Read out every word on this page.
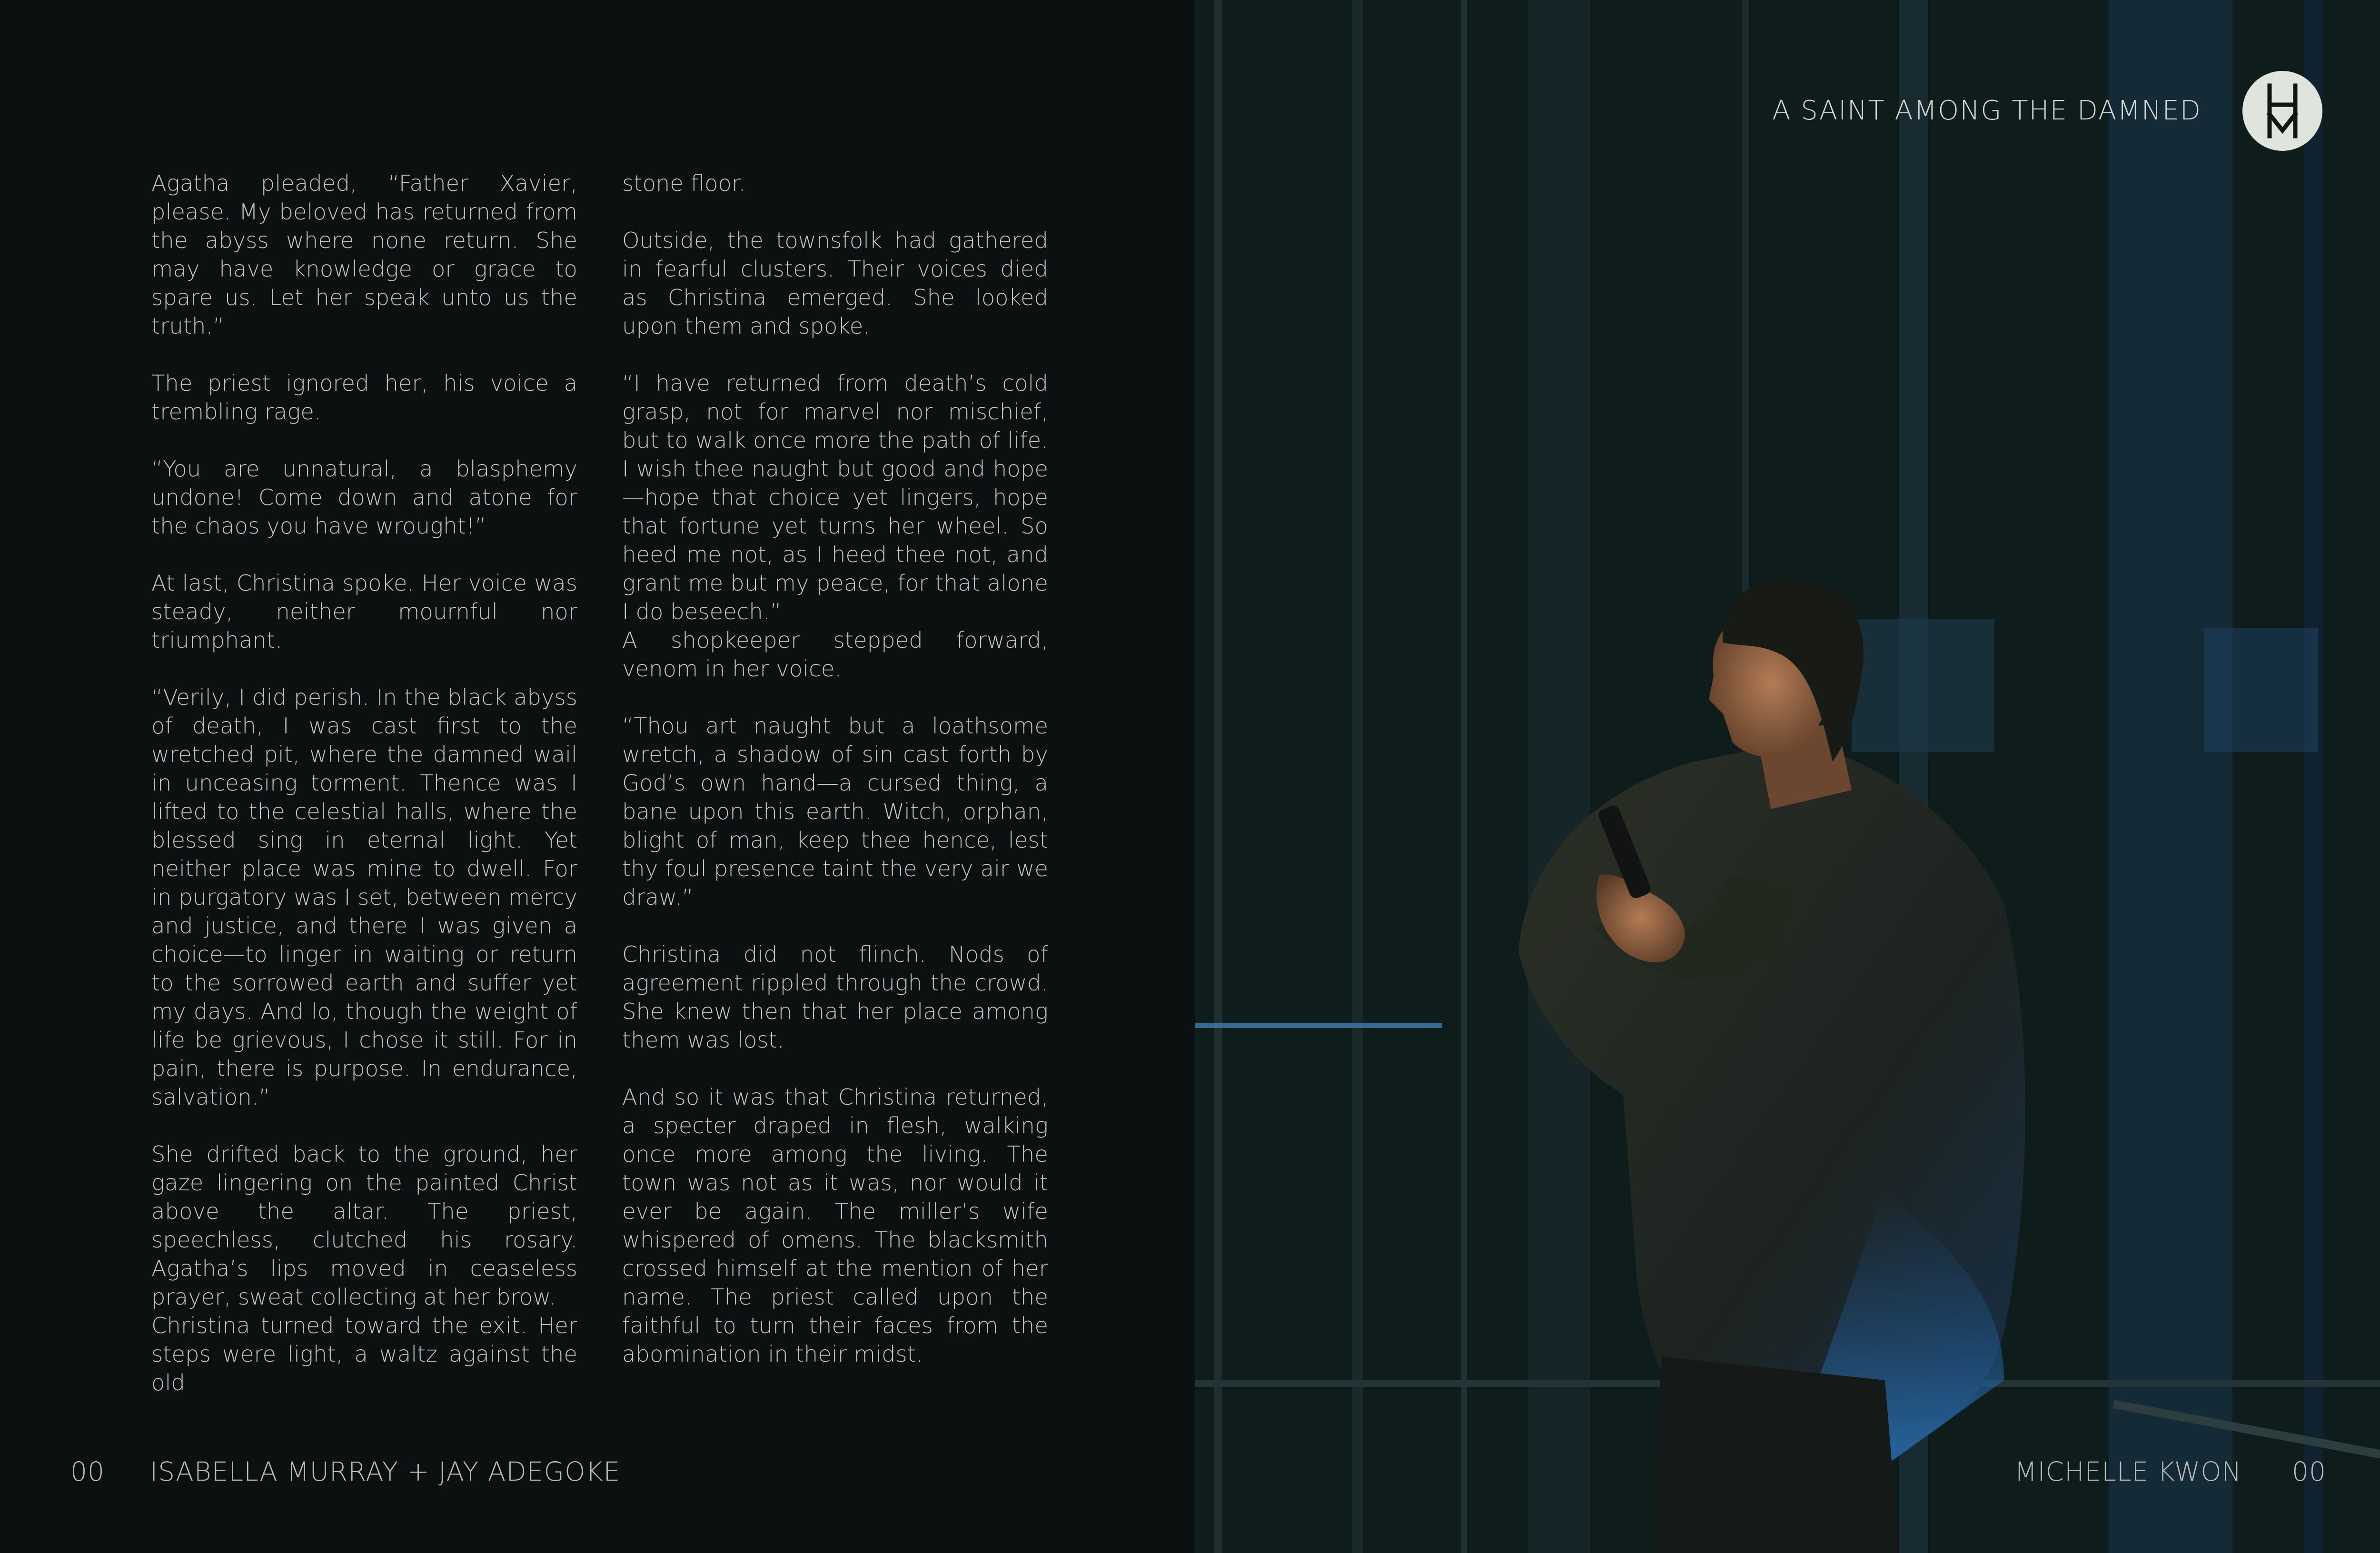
Agatha pleaded, “Father Xavier, please. My beloved has returned from the abyss where none return. She may have knowledge or grace to spare us. Let her speak unto us the truth.”

The priest ignored her, his voice a trembling rage.

“You are unnatural, a blasphemy undone! Come down and atone for the chaos you have wrought!”

At last, Christina spoke. Her voice was steady, neither mournful nor triumphant.

“Verily, I did perish. In the black abyss of death, I was cast first to the wretched pit, where the damned wail in unceasing torment. Thence was I lifted to the celestial halls, where the blessed sing in eternal light. Yet neither place was mine to dwell. For in purgatory was I set, between mercy and justice, and there I was given a choice—to linger in waiting or return to the sorrowed earth and suffer yet my days. And lo, though the weight of life be grievous, I chose it still. For in pain, there is purpose. In endurance, salvation.”

She drifted back to the ground, her gaze lingering on the painted Christ above the altar. The priest, speechless, clutched his rosary. Agatha’s lips moved in ceaseless prayer, sweat collecting at her brow.

Christina turned toward the exit. Her steps were light, a waltz against the old

stone floor.

Outside, the townsfolk had gathered in fearful clusters. Their voices died as Christina emerged. She looked upon them and spoke.

“I have returned from death’s cold grasp, not for marvel nor mischief, but to walk once more the path of life. I wish thee naught but good and hope—hope that choice yet lingers, hope that fortune yet turns her wheel. So heed me not, as I heed thee not, and grant me but my peace, for that alone I do beseech.”

A shopkeeper stepped forward, venom in her voice.

“Thou art naught but a loathsome wretch, a shadow of sin cast forth by God’s own hand—a cursed thing, a bane upon this earth. Witch, orphan, blight of man, keep thee hence, lest thy foul presence taint the very air we draw.”

Christina did not flinch. Nods of agreement rippled through the crowd. She knew then that her place among them was lost.

And so it was that Christina returned, a specter draped in flesh, walking once more among the living. The town was not as it was, nor would it ever be again. The miller’s wife whispered of omens. The blacksmith crossed himself at the mention of her name. The priest called upon the faithful to turn their faces from the abomination in their midst.

00 ISABELLA MURRAY + JAY ADEGOKE
A SAINT AMONG THE DAMNED
MICHELLE KWON 00
